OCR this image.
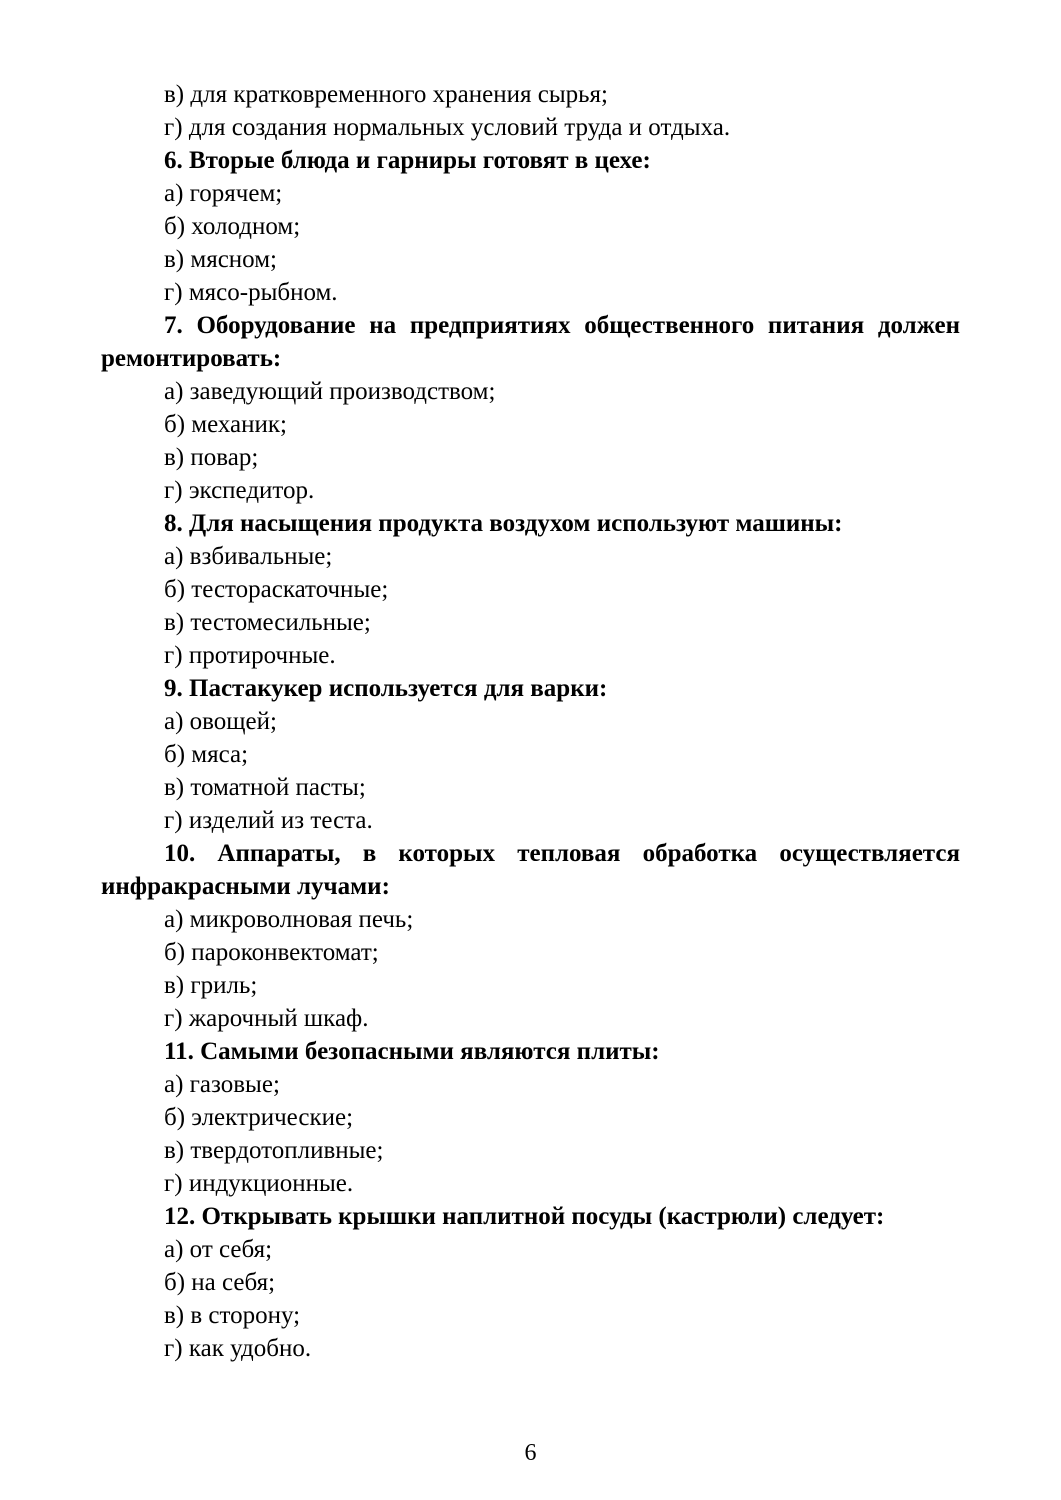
в) для кратковременного хранения сырья;
г) для создания нормальных условий труда и отдыха.
6. Вторые блюда и гарниры готовят в цехе:
а) горячем;
б) холодном;
в) мясном;
г) мясо-рыбном.
7. Оборудование на предприятиях общественного питания должен ремонтировать:
а) заведующий производством;
б) механик;
в) повар;
г) экспедитор.
8. Для насыщения продукта воздухом используют машины:
а) взбивальные;
б) тестораскаточные;
в) тестомесильные;
г) протирочные.
9. Пастакукер используется для варки:
а) овощей;
б) мяса;
в) томатной пасты;
г) изделий из теста.
10. Аппараты, в которых тепловая обработка осуществляется инфракрасными лучами:
а) микроволновая печь;
б) пароконвектомат;
в) гриль;
г) жарочный шкаф.
11. Самыми безопасными являются плиты:
а) газовые;
б) электрические;
в) твердотопливные;
г) индукционные.
12. Открывать крышки наплитной посуды (кастрюли) следует:
а) от себя;
б) на себя;
в) в сторону;
г) как удобно.
6
